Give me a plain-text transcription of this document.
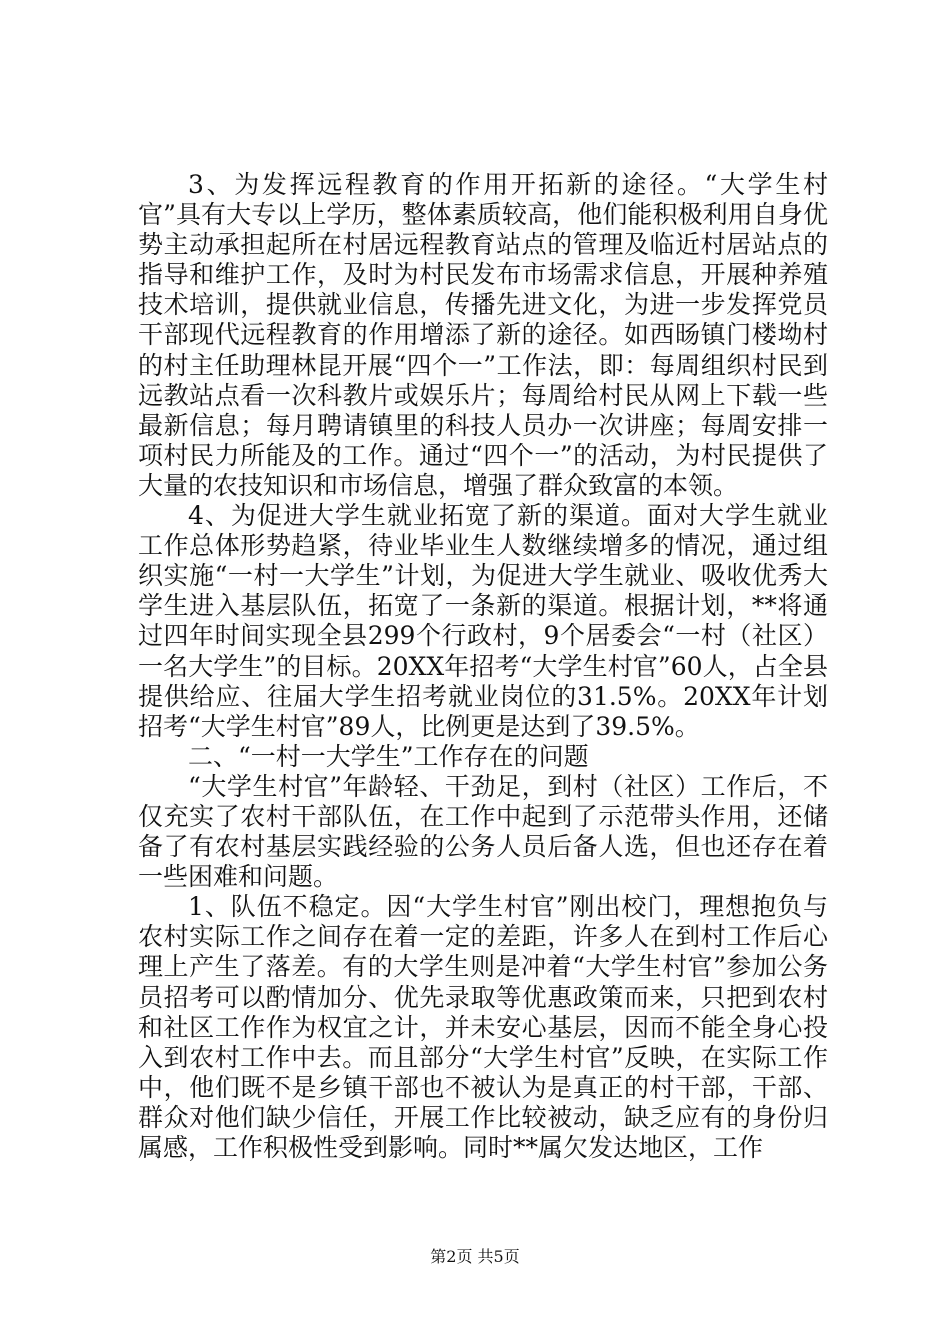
3、为发挥远程教育的作用开拓新的途径。“大学生村官”具有大专以上学历，整体素质较高，他们能积极利用自身优势主动承担起所在村居远程教育站点的管理及临近村居站点的指导和维护工作，及时为村民发布市场需求信息，开展种养殖技术培训，提供就业信息，传播先进文化，为进一步发挥党员干部现代远程教育的作用增添了新的途径。如西旸镇门楼坳村的村主任助理林昆开展“四个一”工作法，即：每周组织村民到远教站点看一次科教片或娱乐片；每周给村民从网上下载一些最新信息；每月聘请镇里的科技人员办一次讲座；每周安排一项村民力所能及的工作。通过“四个一”的活动，为村民提供了大量的农技知识和市场信息，增强了群众致富的本领。

4、为促进大学生就业拓宽了新的渠道。面对大学生就业工作总体形势趋紧，待业毕业生人数继续增多的情况，通过组织实施“一村一大学生”计划，为促进大学生就业、吸收优秀大学生进入基层队伍，拓宽了一条新的渠道。根据计划，**将通过四年时间实现全县299个行政村，9个居委会“一村（社区）一名大学生”的目标。20XX年招考“大学生村官”60人，占全县提供给应、往届大学生招考就业岗位的31.5%。20XX年计划招考“大学生村官”89人，比例更是达到了39.5%。

二、“一村一大学生”工作存在的问题

“大学生村官”年龄轻、干劲足，到村（社区）工作后，不仅充实了农村干部队伍，在工作中起到了示范带头作用，还储备了有农村基层实践经验的公务人员后备人选，但也还存在着一些困难和问题。

1、队伍不稳定。因“大学生村官”刚出校门，理想抱负与农村实际工作之间存在着一定的差距，许多人在到村工作后心理上产生了落差。有的大学生则是冲着“大学生村官”参加公务员招考可以酌情加分、优先录取等优惠政策而来，只把到农村和社区工作作为权宜之计，并未安心基层，因而不能全身心投入到农村工作中去。而且部分“大学生村官”反映，在实际工作中，他们既不是乡镇干部也不被认为是真正的村干部，干部、群众对他们缺少信任，开展工作比较被动，缺乏应有的身份归属感，工作积极性受到影响。同时**属欠发达地区，工作

第2页 共5页
